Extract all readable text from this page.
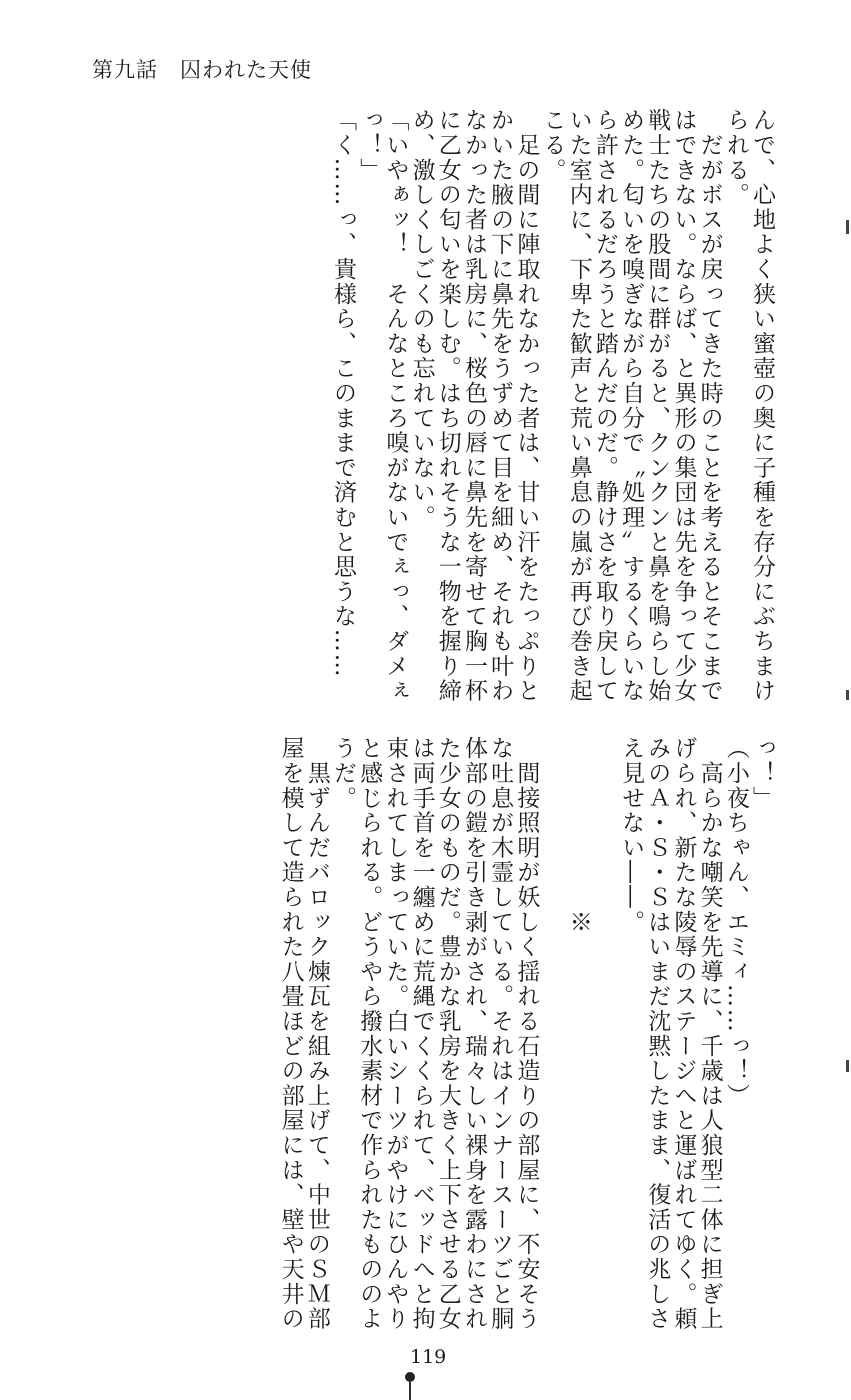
第九話　 囚われた天使
んで、心地よく狭い蜜壺の奥に子種を存分にぶちまけ
られる。
　だがボスが戻ってきた時のことを考えるとそこまで
はできない。ならば、と異形の集団は先を争って少女
戦士たちの股間に群がると、クンクンと鼻を鳴らし始
めた。匂いを嗅ぎながら自分で〝処理〟するくらいな
ら許されるだろうと踏んだのだ。静けさを取り戻して
いた室内に、下卑た歓声と荒い鼻息の嵐が再び巻き起
こる。
　足の間に陣取れなかった者は、甘い汗をたっぷりと
かいた腋の下に鼻先をうずめて目を細め、それも叶わ
なかった者は乳房に、桜色の唇に鼻先を寄せて胸一杯
に乙女の匂いを楽しむ。はち切れそうな一物を握り締
め、激しくしごくのも忘れていない。
「いやぁッ！　そんなところ嗅がないでぇっ、ダメぇ
っ！」
「く……っ、貴様ら、このままで済むと思うな……
っ！」
（小夜ちゃん、エミィ……っ！）
　高らかな嘲笑を先導に、千歳は人狼型二体に担ぎ上
げられ、新たな陵辱のステージへと運ばれてゆく。頼
みのＡ・Ｓ・Ｓはいまだ沈黙したまま、復活の兆しさ
え見せない――。
　　　　　　　※
　間接照明が妖しく揺れる石造りの部屋に、不安そう
な吐息が木霊している。それはインナースーツごと胴
体部の鎧を引き剥がされ、瑞々しい裸身を露わにされ
た少女のものだ。豊かな乳房を大きく上下させる乙女
は両手首を一纏めに荒縄でくくられて、ベッドへと拘
束されてしまっていた。白いシーツがやけにひんやり
と感じられる。どうやら撥水素材で作られたもののよ
うだ。
　黒ずんだバロック煉瓦を組み上げて、中世のＳＭ部
屋を模して造られた八畳ほどの部屋には、壁や天井の
119
